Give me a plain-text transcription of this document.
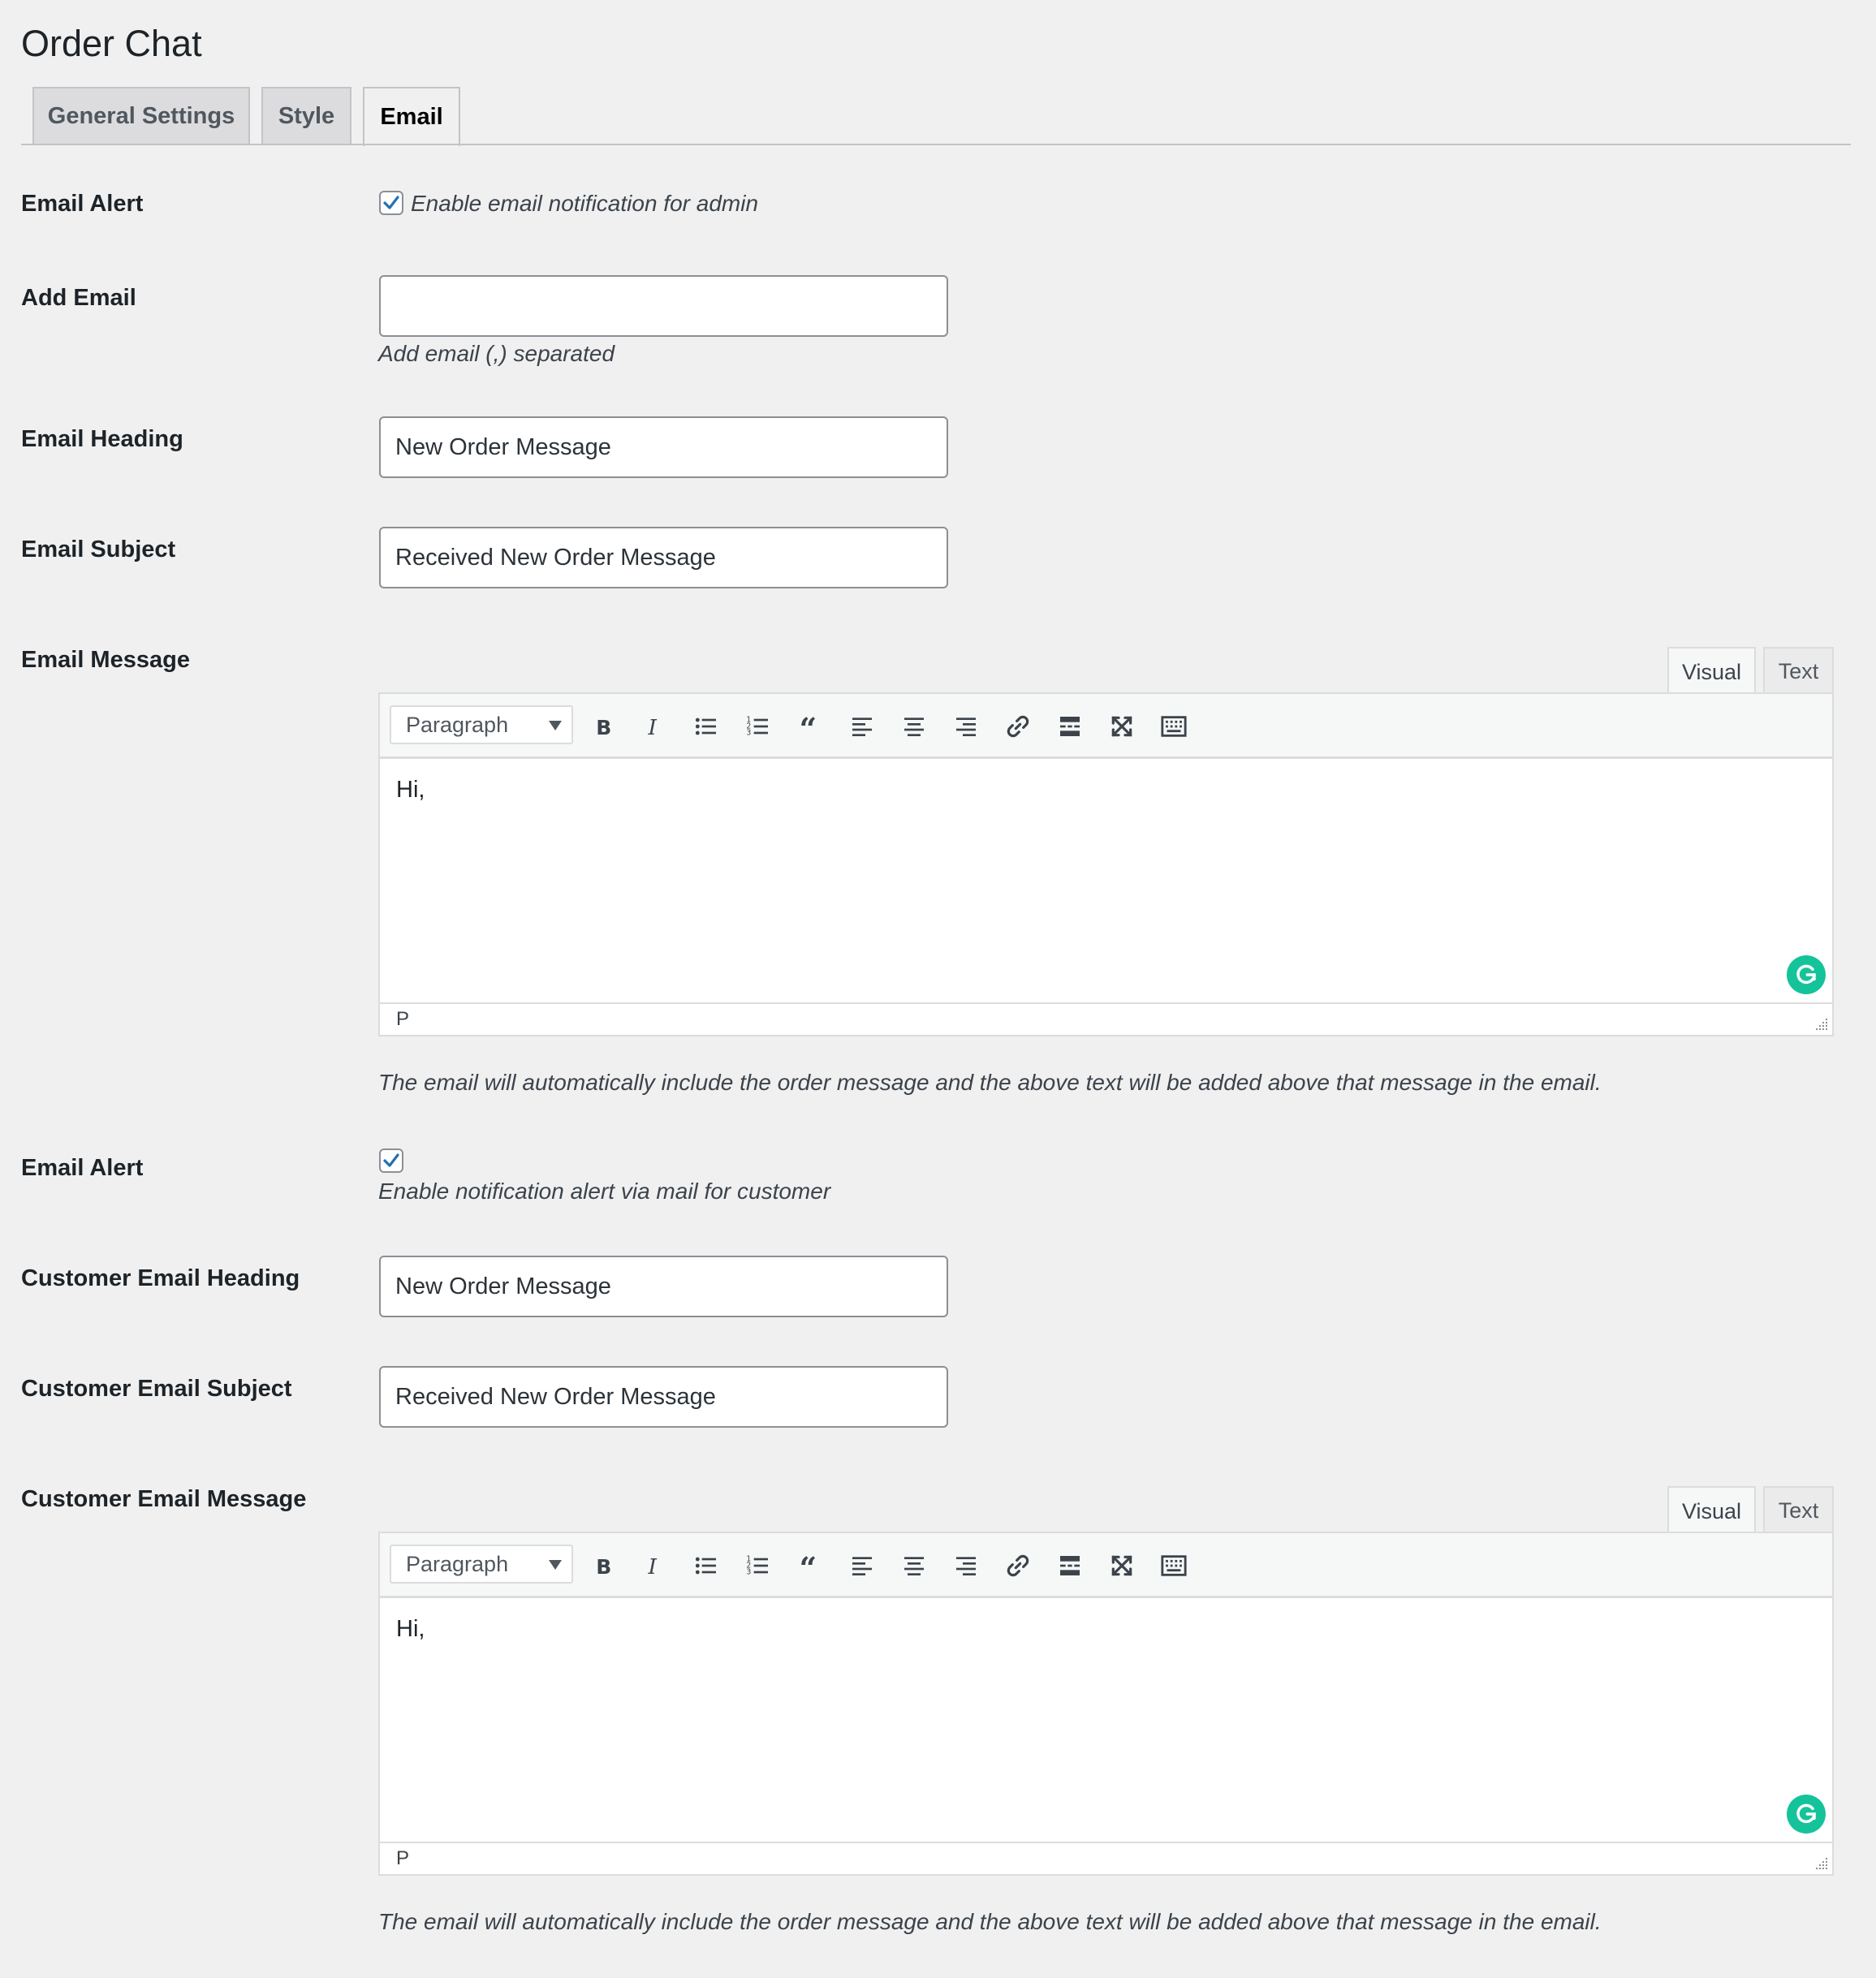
Order Chat
General Settings	Style	Email
Email Alert	Enable email notification for admin
Add Email
Add email (,) separated
Email Heading	New Order Message
Email Subject	Received New Order Message
Email Message	Visual	Text
Paragraph	B I	1
2
3 “
Hi,
P
The email will automatically include the order message and the above text will be added above that message in the email.
Email Alert
Enable notification alert via mail for customer
Customer Email Heading	New Order Message
Customer Email Subject	Received New Order Message
Customer Email Message	Visual	Text
Paragraph	B I	1
2
3 “
Hi,
P
The email will automatically include the order message and the above text will be added above that message in the email.
